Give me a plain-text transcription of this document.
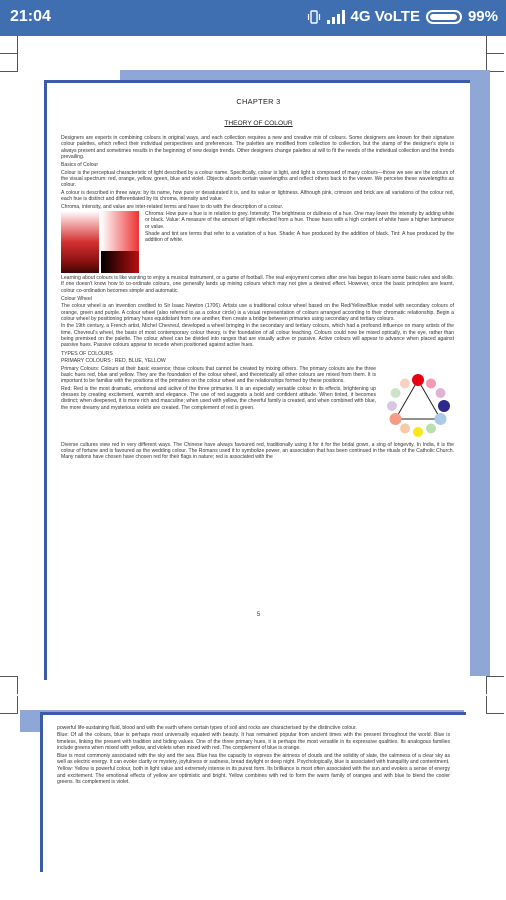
21:04	4G VoLTE	99%
CHAPTER 3
THEORY OF COLOUR

Designers are experts in combining colours in original ways, and each collection requires a new and creative mix of colours. Some designers are known for their signature colour palettes, which reflect their individual perspectives and preferences. The palettes are modified from collection to collection, but the stamp of the designer's style is always present and sometimes results in the beginning of new design trends. Other designers change palettes at will to fit the needs of the individual collection and the trends prevailing.

Basics of Colour

Colour is the perceptual characteristic of light described by a colour name. Specifically, colour is light, and light is composed of many colours—those we see are the colours of the visual spectrum: red, orange, yellow, green, blue and violet. Objects absorb certain wavelengths and reflect others back to the viewer. We perceive these wavelengths as colour.

A colour is described in three ways: by its name, how pure or desaturated it is, and its value or lightness. Although pink, crimson and brick are all variations of the colour red, each hue is distinct and differentiated by its chroma, intensity and value.

Chroma, intensity, and value are inter-related terms and have to do with the description of a colour.

Chroma: How pure a hue is in relation to grey. Intensity: The brightness or dullness of a hue. One may lower the intensity by adding white or black. Value: A measure of the amount of light reflected from a hue. Those hues with a high content of white have a higher luminance or value.

Shade and tint are terms that refer to a variation of a hue. Shade: A hue produced by the addition of black. Tint: A hue produced by the addition of white.

Learning about colours is like wanting to enjoy a musical instrument, or a game of football. The real enjoyment comes after one has begun to learn some basic rules and skills. If one doesn't know how to co-ordinate colours, one generally lands up mixing colours which may not give a desired effect. However, once the basic principles are learnt, colour co-ordination becomes simple and automatic.

Colour Wheel

The colour wheel is an invention credited to Sir Isaac Newton (1706). Artists use a traditional colour wheel based on the Red/Yellow/Blue model with secondary colours of orange, green and purple. A colour wheel (also referred to as a colour circle) is a visual representation of colours arranged according to their chromatic relationship. Begin a colour wheel by positioning primary hues equidistant from one another, then create a bridge between primaries using secondary and tertiary colours.

In the 19th century, a French artist, Michel Chevreul, developed a wheel bringing in the secondary and tertiary colours, which had a profound influence on many artists of the time. Chevreul's wheel, the basis of most contemporary colour theory, is the foundation of all colour teaching. Colours could now be mixed optically, in the eye, rather than being premixed on the palette. The colour wheel can be divided into ranges that are visually active or passive. Active colours will appear to advance when placed against passive hues. Passive colours appear to recede when positioned against active hues.

TYPES OF COLOURS

PRIMARY COLOURS : RED, BLUE, YELLOW

Primary Colours: Colours at their basic essence; those colours that cannot be created by mixing others. The primary colours are the three basic hues red, blue and yellow. They are the foundation of the colour wheel, and theoretically all other colours are mixed from them. It is important to be familiar with the positions of the primaries on the colour wheel and the relationships formed by these positions.

Red: Red is the most dramatic, emotional and active of the three primaries. It is an especially versatile colour in its effects, brightening up dresses by creating excitement, warmth and elegance. The use of red suggests a bold and confident attitude. When tinted, it becomes distinct; when deepened, it is more rich and masculine; when used with yellow, the cheerful family is created, and when combined with blue, the more dreamy and mysterious violets are created. The complement of red is green.

Diverse cultures view red in very different ways. The Chinese have always favoured red, traditionally using it for it for the bridal gown, a sing of longevity. In India, it is the colour of fortune and is favoured as the wedding colour. The Romans used it to symbolize power, an association that has been continued in the rituals of the Catholic Church. Many nations have chosen have chosen red for their flags in nature; red is associated with the

5

powerful life-sustaining fluid, blood and with the earth where certain types of soil and rocks are characterised by the distinctive colour.

Blue: Of all the colours, blue is perhaps most universally equated with beauty. It has remained popular from ancient times with the present throughout the world. Blue is timeless, linking the present with tradition and biding values. One of the three primary hues, it is perhaps the most versatile in its expressive qualities. Its analogous families include greens when mixed with yellow, and violets when mixed with red. The complement of blue is orange.

Blue is most commonly associated with the sky and the sea. Blue has the capacity to express the airiness of clouds and the solidity of slate, the calmness of a clear sky as well as electric energy. It can evoke clarity or mystery, joyfulness or sadness, bread daylight or deep night. Psychologically, blue is associated with tranquility and contentment.

Yellow: Yellow is powerful colour, both in light value and extremely intense in its purest form. Its brilliance is most often associated with the sun and evokes a sense of energy and excitement. The emotional effects of yellow are optimistic and bright. Yellow combines with red to form the warm family of oranges and with blue to blend the cooler greens. Its complement is violet.
